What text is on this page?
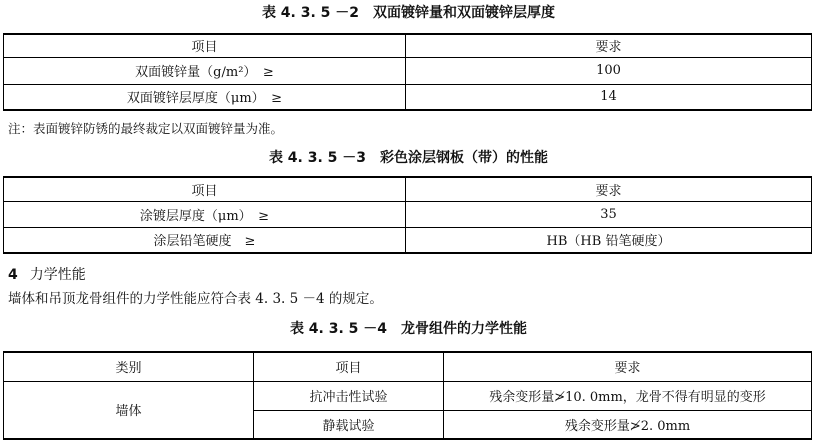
表 4. 3. 5 －2　双面镀锌量和双面镀锌层厚度
项目	要求
双面镀锌量（g/m²）　≥	100
双面镀锌层厚度（μm）　≥	14
注：表面镀锌防锈的最终裁定以双面镀锌量为准。
表 4. 3. 5 －3　彩色涂层钢板（带）的性能
项目	要求
涂镀层厚度（μm）　≥	35
涂层铅笔硬度　≥	HB（HB 铅笔硬度）
4 力学性能
墙体和吊顶龙骨组件的力学性能应符合表 4. 3. 5 －4 的规定。
表 4. 3. 5 －4　龙骨组件的力学性能
类别	项目	要求
墙体	抗冲击性试验	残余变形量≯10. 0mm，龙骨不得有明显的变形
	静载试验	残余变形量≯2. 0mm
